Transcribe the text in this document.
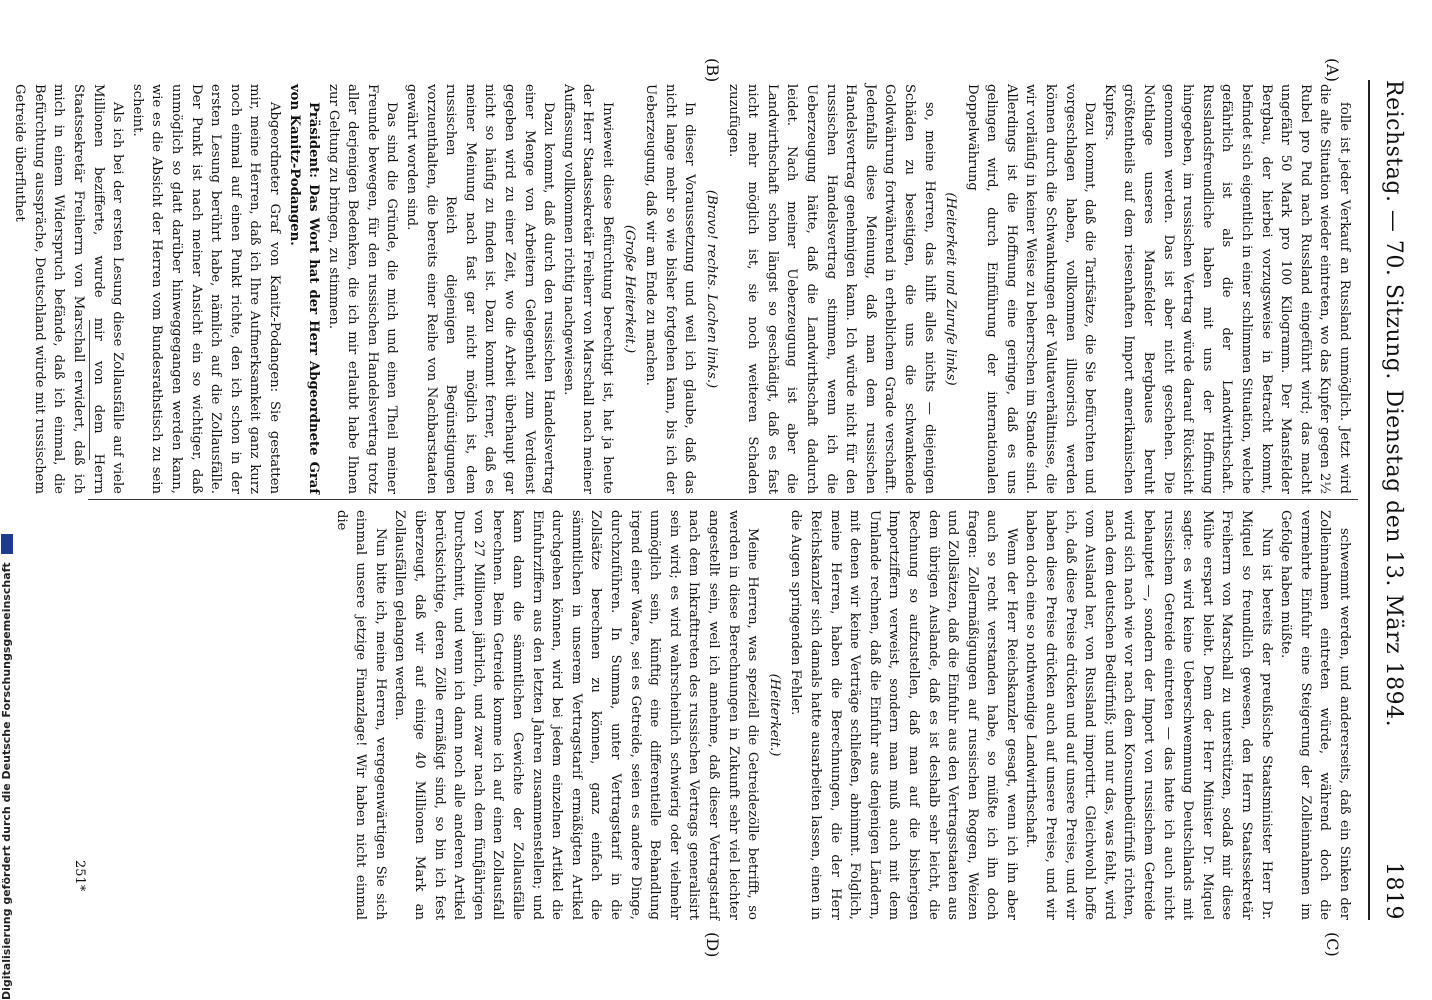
Reichstag. — 70. Sitzung.
Dienstag den 13. März 1894.                  1819
(A)
(B)
(C)
(D)

folle ist jeder Verkauf an Russland unmöglich. Jetzt wird die alte Situation wieder eintreten, wo das Kupfer gegen 2½ Rubel pro Pud nach Russland eingeführt wird; das macht ungefähr 50 Mark pro 100 Kilogramm. Der Mansfelder Bergbau, der hierbei vorzugsweise in Betracht kommt, befindet sich eigentlich in einer schlimmen Situation, welche gefährlich ist als die der Landwirthschaft. Russlandsfreundliche haben mit uns der Hoffnung hingegeben, im russischen Vertrag würde darauf Rücksicht genommen werden. Das ist aber nicht geschehen. Die Nothlage unseres Mansfelder Bergbaues beruht größtentheils auf dem riesenhaften Import amerikanischen Kupfers.

Dazu kommt, daß die Tarifsätze, die Sie befürchten und vorgeschlagen haben, vollkommen illusorisch werden können durch die Schwankungen der Valutaverhältnisse, die wir vorläufig in keiner Weise zu beherrschen im Stande sind. Allerdings ist die Hoffnung eine geringe, daß es uns gelingen wird, durch Einführung der internationalen Doppelwährung

(Heiterkeit und Zurufe links)

so, meine Herren, das hilft alles nichts — diejenigen Schäden zu beseitigen, die uns die schwankende Goldwährung fortwährend in erheblichem Grade verschafft. Jedenfalls diese Meinung, daß man dem russischen Handelsvertrag genehmigen kann. Ich würde nicht für den russischen Handelsvertrag stimmen, wenn ich die Ueberzeugung hätte, daß die Landwirthschaft dadurch leidet. Nach meiner Ueberzeugung ist aber die Landwirthschaft schon längst so geschädigt, daß es fast nicht mehr möglich ist, sie noch weiteren Schaden zuzufügen.

(Bravo! rechts. Lachen links.)

In dieser Voraussetzung und weil ich glaube, daß das nicht lange mehr so wie bisher fortgehen kann, bis ich der Ueberzeugung, daß wir am Ende zu machen.

(Große Heiterkeit.)

Inwieweit diese Befürchtung berechtigt ist, hat ja heute der Herr Staatssekretär Freiherr von Marschall nach meiner Auffassung vollkommen richtig nachgewiesen.

Dazu kommt, daß durch den russischen Handelsvertrag einer Menge von Arbeitern Gelegenheit zum Verdienst gegeben wird zu einer Zeit, wo die Arbeit überhaupt gar nicht so häufig zu finden ist. Dazu kommt ferner, daß es meiner Meinung nach fast gar nicht möglich ist, dem russischen Reich diejenigen Begünstigungen vorzuenthalten, die bereits einer Reihe von Nachbarstaaten gewährt worden sind.

Das sind die Gründe, die mich und einen Theil meiner Freunde bewegen, für den russischen Handelsvertrag trotz aller derjenigen Bedenken, die ich mir erlaubt habe Ihnen zur Geltung zu bringen, zu stimmen.

Präsident: Das Wort hat der Herr Abgeordnete Graf von Kanitz-Podangen.

Abgeordneter Graf von Kanitz-Podangen: Sie gestatten mir, meine Herren, daß ich Ihre Aufmerksamkeit ganz kurz noch einmal auf einen Punkt richte, den ich schon in der ersten Lesung berührt habe, nämlich auf die Zollausfälle. Der Punkt ist nach meiner Ansicht ein so wichtiger, daß unmöglich so glatt darüber hinweggegangen werden kann, wie es die Absicht der Herren vom Bundesrathstisch zu sein scheint.

Als ich bei der ersten Lesung diese Zollausfälle auf viele Millionen bezifferte, wurde mir von dem Herrn Staatssekretär Freiherrn von Marschall erwidert, daß ich mich in einem Widerspruch befände, daß ich einmal, die Befürchtung ausspräche, Deutschland würde mit russischem Getreide überfluthet

schwemmt werden, und andererseits, daß ein Sinken der Zolleinnahmen eintreten würde, während doch die vermehrte Einfuhr eine Steigerung der Zolleinnahmen im Gefolge haben müßte.

Nun ist bereits der preußische Staatsminister Herr Dr. Miquel so freundlich gewesen, den Herrn Staatssekretär Freiherrn von Marschall zu unterstützen, sodaß mir diese Mühe erspart bleibt. Denn der Herr Minister Dr. Miquel sagte: es wird keine Ueberschwemmung Deutschlands mit russischem Getreide eintreten — das hatte ich auch nicht behauptet —, sondern der Import von russischem Getreide wird sich nach wie vor nach dem Konsumbedürfniß richten, nach dem deutschen Bedürfniß; und nur das, was fehlt, wird vom Ausland her, von Russland importirt. Gleichwohl hoffe ich, daß diese Preise drücken und auf unsere Preise, und wir haben diese Preise drücken auch auf unsere Preise, und wir haben doch eine so nothwendige Landwirthschaft.

Wenn der Herr Reichskanzler gesagt, wenn ich ihn aber auch so recht verstanden habe, so müßte ich ihn doch fragen: Zollermäßigungen auf russischen Roggen, Weizen und Zollsätzen, daß die Einfuhr aus den Vertragsstaaten aus dem übrigen Auslande, daß es ist deshalb sehr leicht, die Rechnung so aufzustellen, daß man auf die bisherigen Importziffern verweist, sondern man muß auch mit dem Umlande rechnen, daß die Einfuhr aus denjenigen Ländern, mit denen wir keine Verträge schließen, abnimmt. Folglich, meine Herren, haben die Berechnungen, die der Herr Reichskanzler sich damals hatte ausarbeiten lassen, einen in die Augen springenden Fehler.

(Heiterkeit.)

Meine Herren, was speziell die Getreidezölle betrifft, so werden in diese Berechnungen in Zukunft sehr viel leichter angestellt sein, weil ich annehme, daß dieser Vertragstarif nach dem Inkrafttreten des russischen Vertrags generalisirt sein wird; es wird wahrscheinlich schwierig oder vielmehr unmöglich sein, künftig eine differentielle Behandlung irgend einer Waare, sei es Getreide, seien es andere Dinge, durchzuführen. In Summa, unter Vertragstarif in die Zollsätze berechnen zu können, ganz einfach die sämmtlichen in unserem Vertragstarif ermäßigten Artikel durchgehen können, wird bei jedem einzelnen Artikel die Einfuhrziffern aus den letzten Jahren zusammenstellen; und kann dann die sämmtlichen Gewichte der Zollausfälle berechnen. Beim Getreide komme ich auf einen Zollausfall von 27 Millionen jährlich, und zwar nach dem fünfjährigen Durchschnitt, und wenn ich dann noch alle anderen Artikel berücksichtige, deren Zölle ermäßigt sind, so bin ich fest überzeugt, daß wir auf einige 40 Millionen Mark an Zollausfällen gelangen werden.

Nun bitte ich, meine Herren, vergegenwärtigen Sie sich einmal unsere jetzige Finanzlage! Wir haben nicht einmal die

251*
Digitalisierung gefördert durch die Deutsche Forschungsgemeinschaft
